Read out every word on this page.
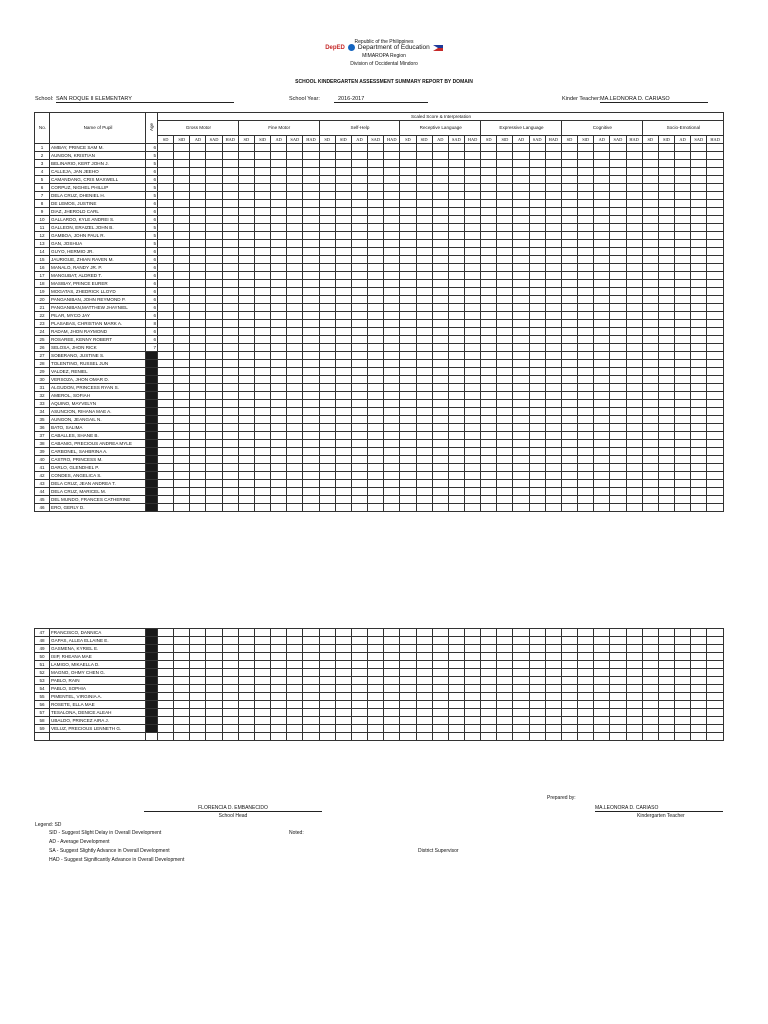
Republic of the Philippines
DepED Department of Education
MIMAROPA Region
Division of Occidental Mindoro
SCHOOL KINDERGARTEN ASSESSMENT SUMMARY REPORT BY DOMAIN
School: SAN ROQUE II ELEMENTARY	School Year:	2016-2017	Kinder Teacher: MA.LEONORA D. CARIASO
No.	Name of Pupil	Age	Scaled Score & Interpretation																																		
			Gross Motor					Fine Motor					Self-Help					Receptive Language					Expressive Language					Cognitive					Socio-Emotional				
			SD	SlD	AD	SAD	HAD	SD	SlD	AD	SAD	HAD	SD	SlD	AD	SAD	HAD	SD	SlD	AD	SAD	HAD	SD	SlD	AD	SAD	HAD	SD	SlD	AD	SAD	HAD	SD	SlD	AD	SAD	HAD
1	AMBAY, PRINCE SAM M.	6																																			
2	AUNGON, KRISTIAN	5																																			
3	BELINARIO, KERT JOHN J.	5																																			
4	CALLEJA, JAN JEEHO	6																																			
5	CAMANDANG, CRIS MAXWELL	6																																			
6	CORPUZ, NIGHEL PHILLIP	5																																			
7	DELA CRUZ, DHENIEL H.	5																																			
8	DE LEMOS, JUSTINE	6																																			
9	DIAZ, JHEROLD CARL	6																																			
10	GALLARDO, KYLE ANDREI S.	6																																			
11	GALLEON, ERAIZEL JOHN B.	5																																			
12	GAMBOA, JOHN PAUL R.	5																																			
13	GAN, JOSHUA	5																																			
14	GUYO, HERMIO JR.	6																																			
15	JAURIGUE, ZHIAN RAVEN M.	6																																			
16	MANALO, RANDY JR. P.	6																																			
17	MANGUBAT, ALDRED T.	6																																			
18	MASIBAY, PRINCE EURER	6																																			
19	MOGATAS, ZHEDRICK LLOYD	6																																			
20	PANGANIBAN, JOHN REYMOND P.	6																																			
21	PANGANIBAN,MATTHEW JHAYNIEL	6																																			
22	PILAR, MYCO JAY	6																																			
23	PLASABAS, CHRISTIAN MARK A.	8																																			
24	RADAM, JHON RAYMOND	6																																			
25	ROSAREE, KENNY ROBERT	6																																			
26	SELOSA, JHON RICK	7																																			
27	SOBERANO, JUSTINE S.																																				
28	TOLENTINO, RUSSEL JUN																																				
29	VALDEZ, RENIEL																																				
30	VERSOZA, JHON OMAR D.																																				
31	ALGUDON, PRINCESS RYAN S.																																				
32	AMEROL, SOFIAH																																				
33	AQUINO, MAYVELYN																																				
34	ASUNCION, RIHANA MAE A.																																				
35	AUNGON, JEANGAIL N.																																				
36	BATO, SALIMA																																				
37	CABALLES, SHANE B.																																				
38	CABANIG, PRECIOUS ANDREA MYLE																																				
39	CARBONEL, SAHBRINA A.																																				
40	CASTRO, PRINCESS M.																																				
41	DARLO, GLENDHEL P.																																				
42	CONDES, ANGELICA S.																																				
43	DELA CRUZ, JEAN ANDREA T.																																				
44	DELA CRUZ, MARICEL M.																																				
45	DEL MUNDO, FRANCES CATHERINE																																				
46	ERO, GERLY D.																																				
47	FRANCISCO, DANNICA																																				
48	GAPAS, ALLEA ELLAINE E.																																				
49	GASMENA, KYRIEL E.																																				
50	ISIP, RHEANA MAE																																				
51	LAMIGO, MIKAELLA D.																																				
52	MAGNO, OHMY CHEN G.																																				
53	PABLO, RAIN																																				
54	PABLO, SOPHIA																																				
55	PIMENTEL, VIRGINIA A.																																				
56	ROSETE, ELLA MAE																																				
57	TESALONA, DENICE ALEAH																																				
58	UBALDO, PRINCEZ AIRA J.																																				
59	VELUZ, PRECIOUS LENNETH G.																																				

Prepared by:
FLORENCIA D. EMBANECIDO
School Head
MA.LEONORA D. CARIASO
Kindergarten Teacher
Noted:
District Supervisor
Legend: SD
SlD - Suggest Slight Delay in Overall Development
AD - Average Development
SA - Suggest Slightly Advance in Overall Development
HAD - Suggest Significantly Advance in Overall Development
